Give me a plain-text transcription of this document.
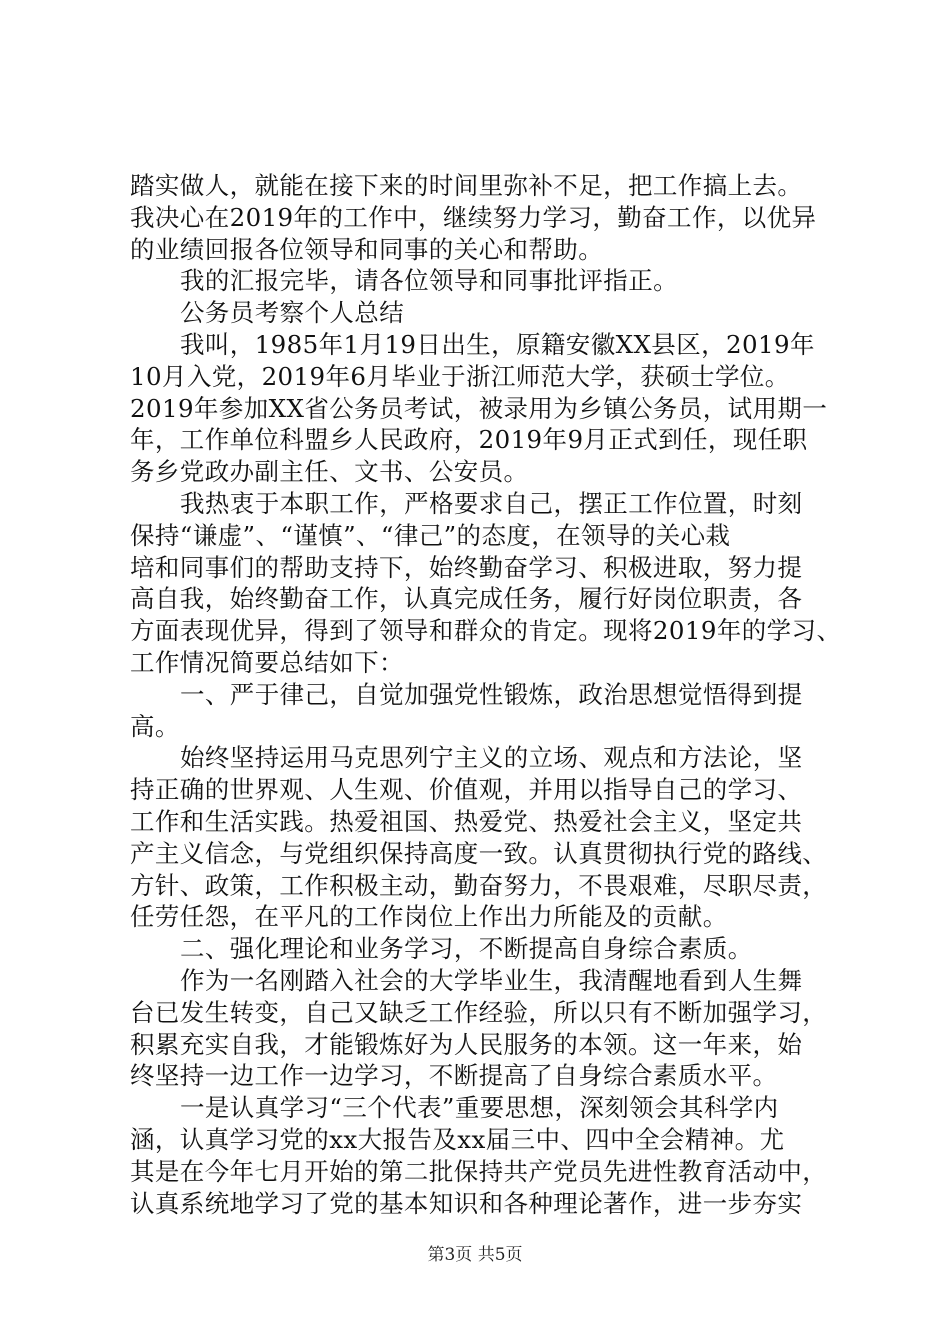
踏实做人，就能在接下来的时间里弥补不足，把工作搞上去。
我决心在2019年的工作中，继续努力学习，勤奋工作，以优异
的业绩回报各位领导和同事的关心和帮助。
我的汇报完毕，请各位领导和同事批评指正。
公务员考察个人总结
我叫，1985年1月19日出生，原籍安徽XX县区，2019年
10月入党，2019年6月毕业于浙江师范大学，获硕士学位。
2019年参加XX省公务员考试，被录用为乡镇公务员，试用期一
年，工作单位科盟乡人民政府，2019年9月正式到任，现任职
务乡党政办副主任、文书、公安员。
我热衷于本职工作，严格要求自己，摆正工作位置，时刻
保持“谦虚”、“谨慎”、“律己”的态度，在领导的关心栽
培和同事们的帮助支持下，始终勤奋学习、积极进取，努力提
高自我，始终勤奋工作，认真完成任务，履行好岗位职责，各
方面表现优异，得到了领导和群众的肯定。现将2019年的学习、
工作情况简要总结如下：
一、严于律己，自觉加强党性锻炼，政治思想觉悟得到提
高。
始终坚持运用马克思列宁主义的立场、观点和方法论，坚
持正确的世界观、人生观、价值观，并用以指导自己的学习、
工作和生活实践。热爱祖国、热爱党、热爱社会主义，坚定共
产主义信念，与党组织保持高度一致。认真贯彻执行党的路线、
方针、政策，工作积极主动，勤奋努力，不畏艰难，尽职尽责，
任劳任怨，在平凡的工作岗位上作出力所能及的贡献。
二、强化理论和业务学习，不断提高自身综合素质。
作为一名刚踏入社会的大学毕业生，我清醒地看到人生舞
台已发生转变，自己又缺乏工作经验，所以只有不断加强学习，
积累充实自我，才能锻炼好为人民服务的本领。这一年来，始
终坚持一边工作一边学习，不断提高了自身综合素质水平。
一是认真学习“三个代表”重要思想，深刻领会其科学内
涵，认真学习党的xx大报告及xx届三中、四中全会精神。尤
其是在今年七月开始的第二批保持共产党员先进性教育活动中，
认真系统地学习了党的基本知识和各种理论著作，进一步夯实
第3页 共5页
